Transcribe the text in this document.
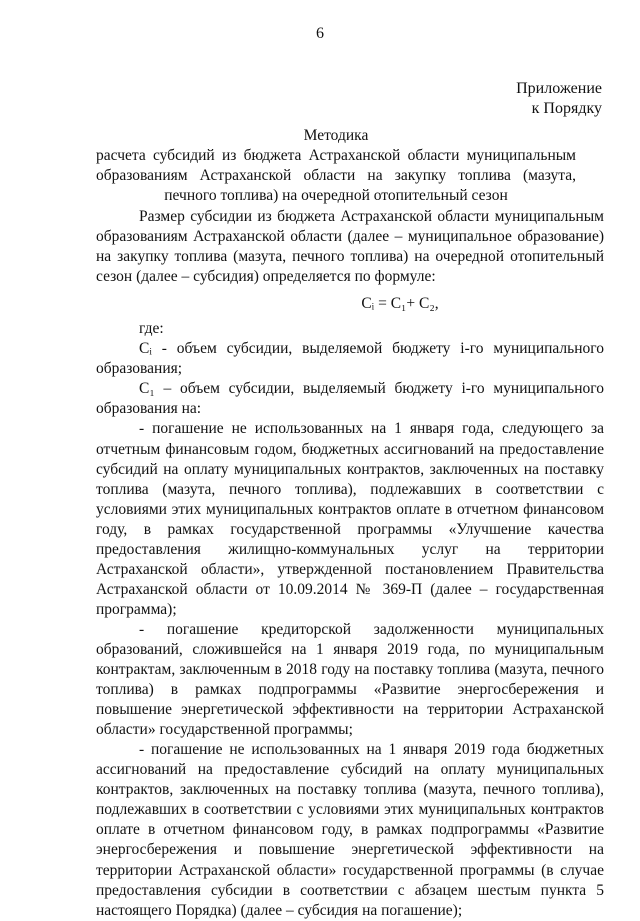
6
Приложение
к Порядку
Методика
расчета субсидий из бюджета Астраханской области муниципальным образованиям Астраханской области на закупку топлива (мазута, печного топлива) на очередной отопительный сезон

Размер субсидии из бюджета Астраханской области муниципальным образованиям Астраханской области (далее – муниципальное образование) на закупку топлива (мазута, печного топлива) на очередной отопительный сезон (далее – субсидия) определяется по формуле:

Cᵢ = C₁+ C₂,

где:

Cᵢ - объем субсидии, выделяемой бюджету i-го муниципального образования;

C₁ – объем субсидии, выделяемый бюджету i-го муниципального образования на:

- погашение не использованных на 1 января года, следующего за отчетным финансовым годом, бюджетных ассигнований на предоставление субсидий на оплату муниципальных контрактов, заключенных на поставку топлива (мазута, печного топлива), подлежавших в соответствии с условиями этих муниципальных контрактов оплате в отчетном финансовом году, в рамках государственной программы «Улучшение качества предоставления жилищно-коммунальных услуг на территории Астраханской области», утвержденной постановлением Правительства Астраханской области от 10.09.2014 № 369-П (далее – государственная программа);

- погашение кредиторской задолженности муниципальных образований, сложившейся на 1 января 2019 года, по муниципальным контрактам, заключенным в 2018 году на поставку топлива (мазута, печного топлива) в рамках подпрограммы «Развитие энергосбережения и повышение энергетической эффективности на территории Астраханской области» государственной программы;

- погашение не использованных на 1 января 2019 года бюджетных ассигнований на предоставление субсидий на оплату муниципальных контрактов, заключенных на поставку топлива (мазута, печного топлива), подлежавших в соответствии с условиями этих муниципальных контрактов оплате в отчетном финансовом году, в рамках подпрограммы «Развитие энергосбережения и повышение энергетической эффективности на территории Астраханской области» государственной программы (в случае предоставления субсидии в соответствии с абзацем шестым пункта 5 настоящего Порядка) (далее – субсидия на погашение);
